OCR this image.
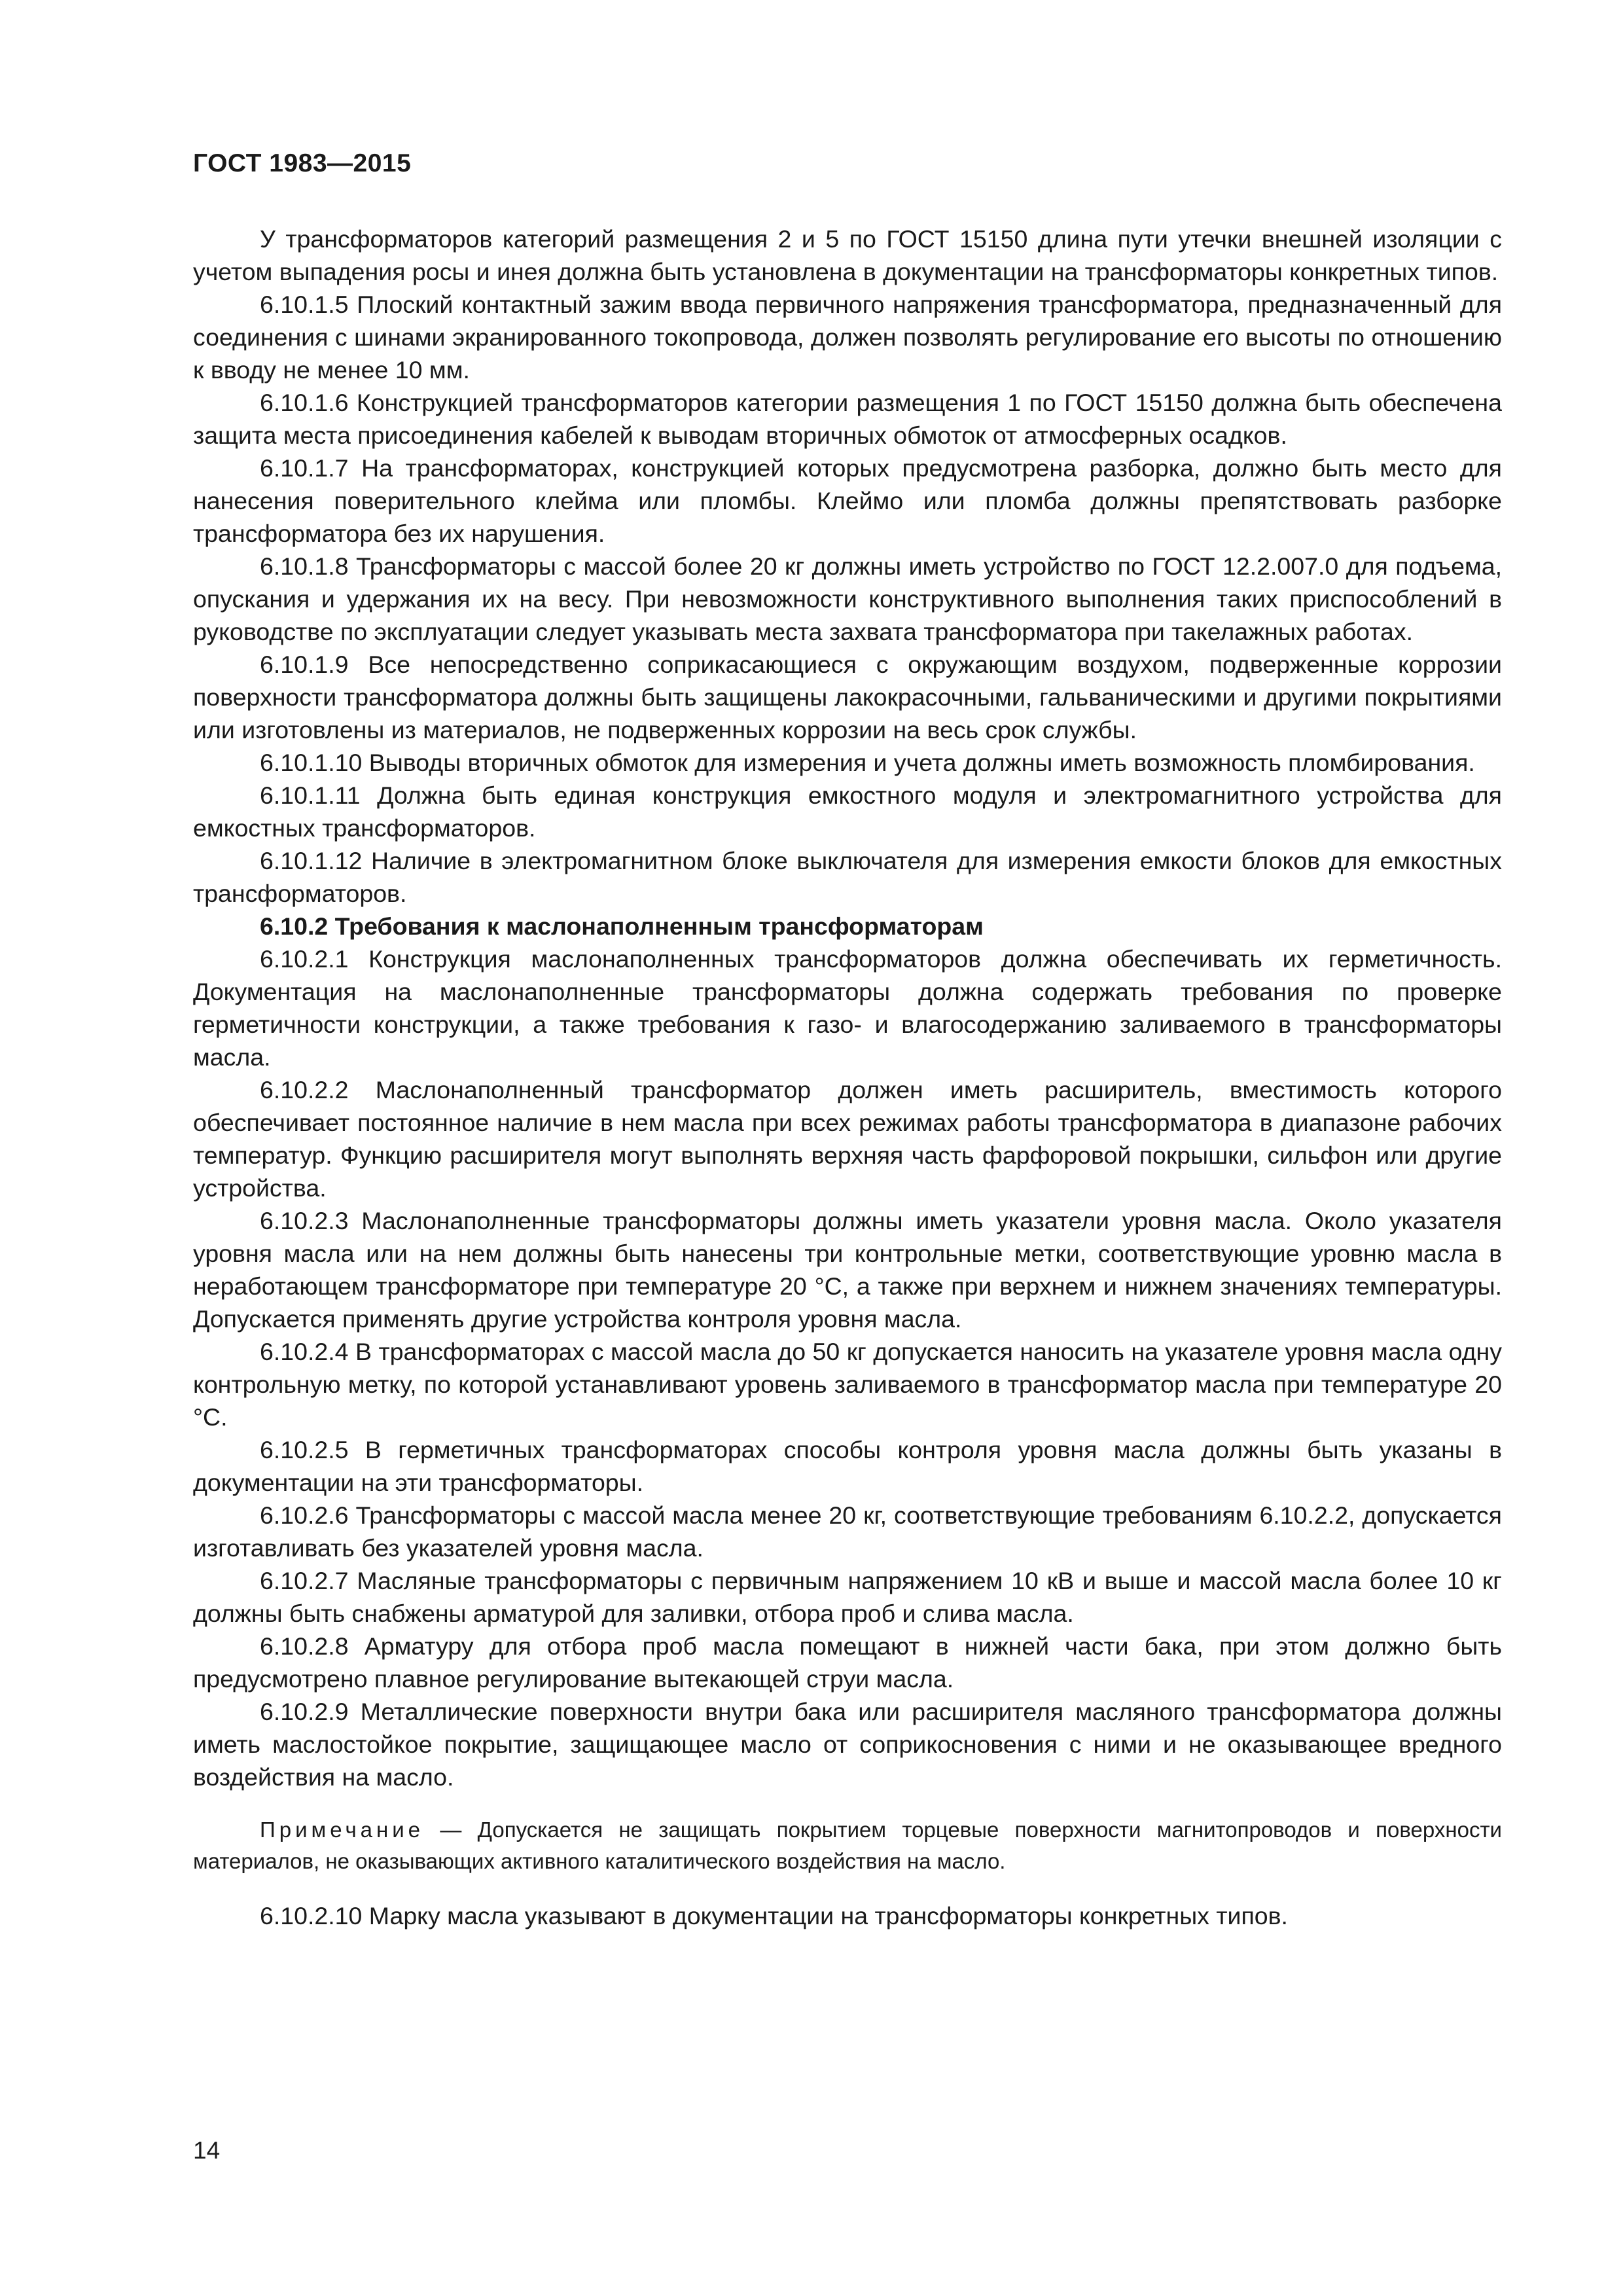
ГОСТ 1983—2015

У трансформаторов категорий размещения 2 и 5 по ГОСТ 15150 длина пути утечки внешней изоляции с учетом выпадения росы и инея должна быть установлена в документации на трансформаторы конкретных типов.

6.10.1.5 Плоский контактный зажим ввода первичного напряжения трансформатора, предназначенный для соединения с шинами экранированного токопровода, должен позволять регулирование его высоты по отношению к вводу не менее 10 мм.

6.10.1.6 Конструкцией трансформаторов категории размещения 1 по ГОСТ 15150 должна быть обеспечена защита места присоединения кабелей к выводам вторичных обмоток от атмосферных осадков.

6.10.1.7 На трансформаторах, конструкцией которых предусмотрена разборка, должно быть место для нанесения поверительного клейма или пломбы. Клеймо или пломба должны препятствовать разборке трансформатора без их нарушения.

6.10.1.8 Трансформаторы с массой более 20 кг должны иметь устройство по ГОСТ 12.2.007.0 для подъема, опускания и удержания их на весу. При невозможности конструктивного выполнения таких приспособлений в руководстве по эксплуатации следует указывать места захвата трансформатора при такелажных работах.

6.10.1.9 Все непосредственно соприкасающиеся с окружающим воздухом, подверженные коррозии поверхности трансформатора должны быть защищены лакокрасочными, гальваническими и другими покрытиями или изготовлены из материалов, не подверженных коррозии на весь срок службы.

6.10.1.10 Выводы вторичных обмоток для измерения и учета должны иметь возможность пломбирования.

6.10.1.11 Должна быть единая конструкция емкостного модуля и электромагнитного устройства для емкостных трансформаторов.

6.10.1.12 Наличие в электромагнитном блоке выключателя для измерения емкости блоков для емкостных трансформаторов.

6.10.2 Требования к маслонаполненным трансформаторам

6.10.2.1 Конструкция маслонаполненных трансформаторов должна обеспечивать их герметичность. Документация на маслонаполненные трансформаторы должна содержать требования по проверке герметичности конструкции, а также требования к газо- и влагосодержанию заливаемого в трансформаторы масла.

6.10.2.2 Маслонаполненный трансформатор должен иметь расширитель, вместимость которого обеспечивает постоянное наличие в нем масла при всех режимах работы трансформатора в диапазоне рабочих температур. Функцию расширителя могут выполнять верхняя часть фарфоровой покрышки, сильфон или другие устройства.

6.10.2.3 Маслонаполненные трансформаторы должны иметь указатели уровня масла. Около указателя уровня масла или на нем должны быть нанесены три контрольные метки, соответствующие уровню масла в неработающем трансформаторе при температуре 20 °С, а также при верхнем и нижнем значениях температуры. Допускается применять другие устройства контроля уровня масла.

6.10.2.4 В трансформаторах с массой масла до 50 кг допускается наносить на указателе уровня масла одну контрольную метку, по которой устанавливают уровень заливаемого в трансформатор масла при температуре 20 °С.

6.10.2.5 В герметичных трансформаторах способы контроля уровня масла должны быть указаны в документации на эти трансформаторы.

6.10.2.6 Трансформаторы с массой масла менее 20 кг, соответствующие требованиям 6.10.2.2, допускается изготавливать без указателей уровня масла.

6.10.2.7 Масляные трансформаторы с первичным напряжением 10 кВ и выше и массой масла более 10 кг должны быть снабжены арматурой для заливки, отбора проб и слива масла.

6.10.2.8 Арматуру для отбора проб масла помещают в нижней части бака, при этом должно быть предусмотрено плавное регулирование вытекающей струи масла.

6.10.2.9 Металлические поверхности внутри бака или расширителя масляного трансформатора должны иметь маслостойкое покрытие, защищающее масло от соприкосновения с ними и не оказывающее вредного воздействия на масло.

Примечание — Допускается не защищать покрытием торцевые поверхности магнитопроводов и поверхности материалов, не оказывающих активного каталитического воздействия на масло.

6.10.2.10 Марку масла указывают в документации на трансформаторы конкретных типов.

14
